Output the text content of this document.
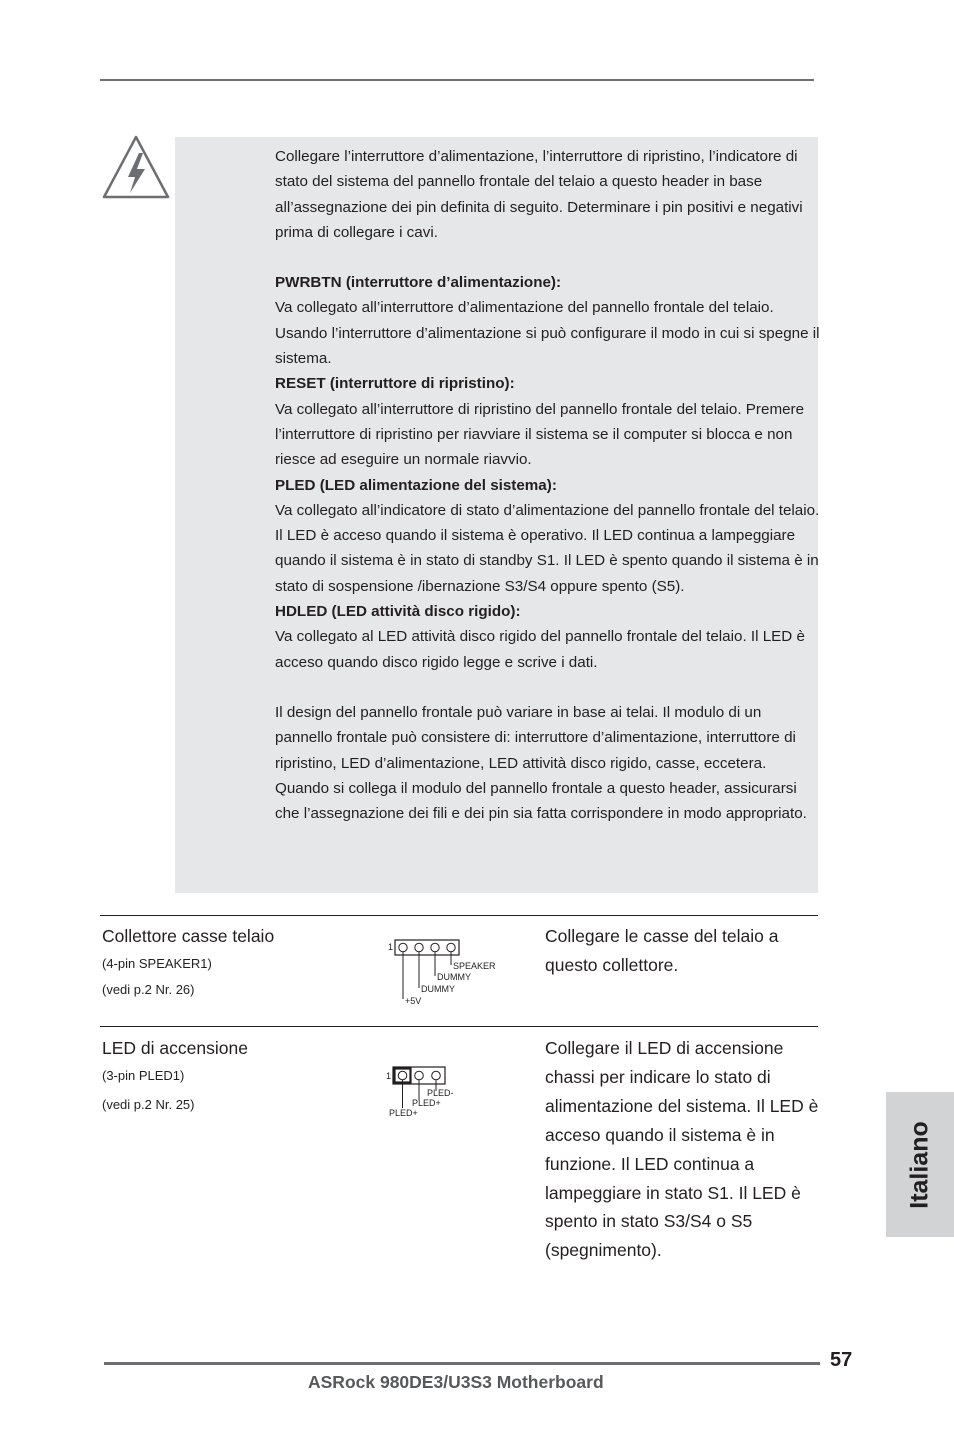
Collegare l’interruttore d’alimentazione, l’interruttore di ripristino, l’indicatore di stato del sistema del pannello frontale del telaio a questo header in base all’assegnazione dei pin definita di seguito. Determinare i pin positivi e negativi prima di collegare i cavi.

PWRBTN (interruttore d’alimentazione):

Va collegato all’interruttore d’alimentazione del pannello frontale del telaio. Usando l’interruttore d’alimentazione si può configurare il modo in cui si spegne il sistema.

RESET (interruttore di ripristino):

Va collegato all’interruttore di ripristino del pannello frontale del telaio. Premere l’interruttore di ripristino per riavviare il sistema se il computer si blocca e non riesce ad eseguire un normale riavvio.

PLED (LED alimentazione del sistema):

Va collegato all’indicatore di stato d’alimentazione del pannello frontale del telaio. Il LED è acceso quando il sistema è operativo. Il LED continua a lampeggiare quando il sistema è in stato di standby S1. Il LED è spento quando il sistema è in stato di sospensione /ibernazione S3/S4 oppure spento (S5).

HDLED (LED attività disco rigido):

Va collegato al LED attività disco rigido del pannello frontale del telaio. Il LED è acceso quando disco rigido legge e scrive i dati.

Il design del pannello frontale può variare in base ai telai. Il modulo di un pannello frontale può consistere di: interruttore d’alimentazione, interruttore di ripristino, LED d’alimentazione, LED attività disco rigido, casse, eccetera. Quando si collega il modulo del pannello frontale a questo header, assicurarsi che l’assegnazione dei fili e dei pin sia fatta corrispondere in modo appropriato.

Collettore casse telaio
(4-pin SPEAKER1)
(vedi p.2 Nr. 26)
1
SPEAKER
DUMMY
DUMMY
+5V
Collegare le casse del telaio a questo collettore.
LED di accensione
(3-pin PLED1)
(vedi p.2 Nr. 25)
1
PLED-
PLED+
PLED+
Collegare il LED di accensione chassi per indicare lo stato di alimentazione del sistema. Il LED è acceso quando il sistema è in funzione. Il LED continua a lampeggiare in stato S1. Il LED è spento in stato S3/S4 o S5 (spegnimento).
Italiano
57
ASRock 980DE3/U3S3 Motherboard
